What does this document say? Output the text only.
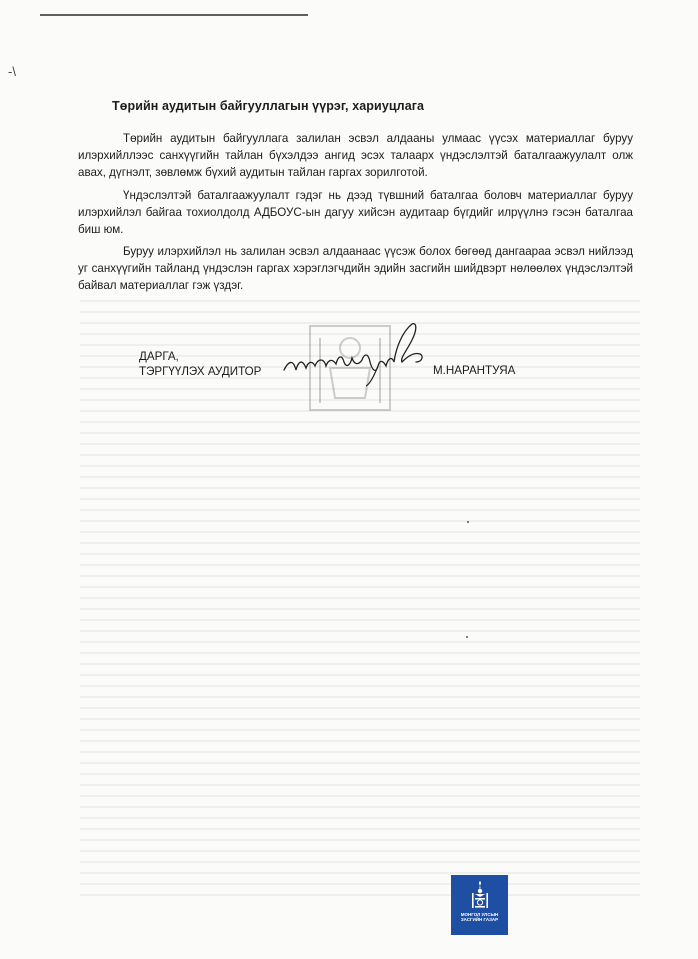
-\
Төрийн аудитын байгууллагын үүрэг, хариуцлага

Төрийн аудитын байгууллага залилан эсвэл алдааны улмаас үүсэх материаллаг буруу илэрхийллээс санхүүгийн тайлан бүхэлдээ ангид эсэх талаарх үндэслэлтэй баталгаажуулалт олж авах, дүгнэлт, зөвлөмж бүхий аудитын тайлан гаргах зорилготой.

Үндэслэлтэй баталгаажуулалт гэдэг нь дээд түвшний баталгаа боловч материаллаг буруу илэрхийлэл байгаа тохиолдолд АДБОУС-ын дагуу хийсэн аудитаар бүгдийг илрүүлнэ гэсэн баталгаа биш юм.

Буруу илэрхийлэл нь залилан эсвэл алдаанаас үүсэж болох бөгөөд дангаараа эсвэл нийлээд уг санхүүгийн тайланд үндэслэн гаргах хэрэглэгчдийн эдийн засгийн шийдвэрт нөлөөлөх үндэслэлтэй байвал материаллаг гэж үздэг.

ДАРГА,
ТЭРГҮҮЛЭХ АУДИТОР	М.НАРАНТУЯА
МОНГОЛ УЛСЫН
ЗАСГИЙН ГАЗАР
